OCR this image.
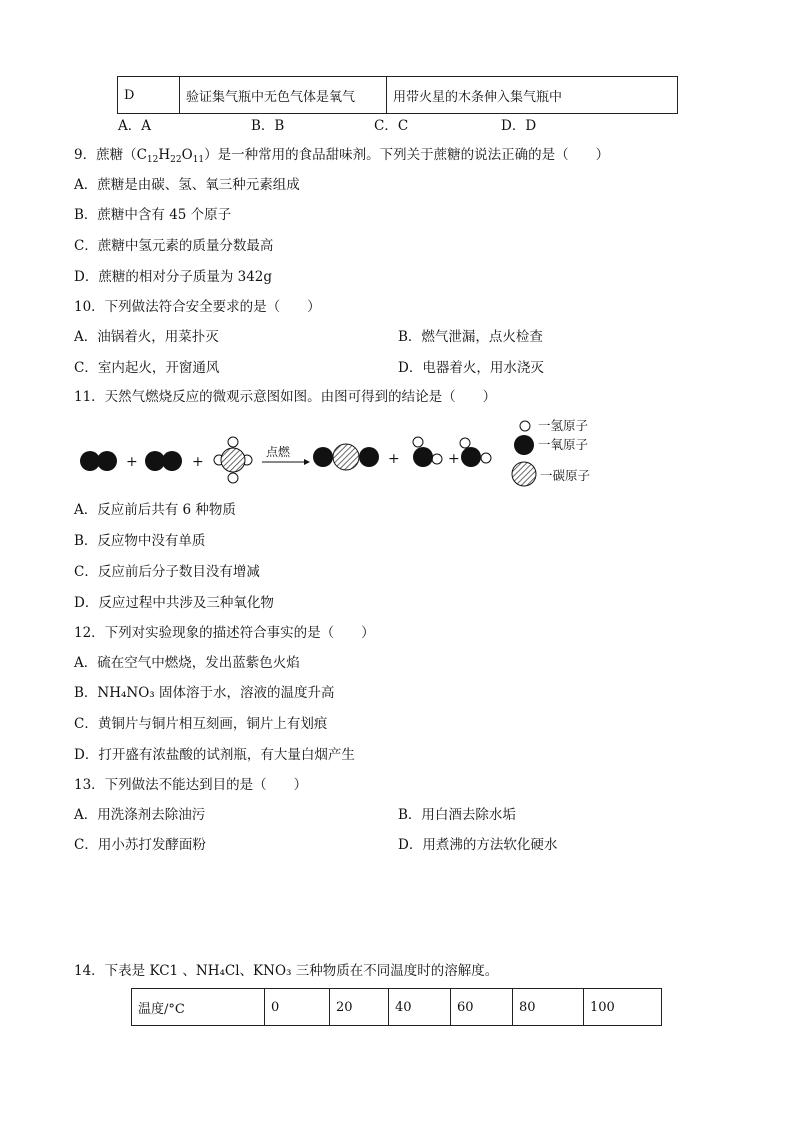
D	验证集气瓶中无色气体是氧气	用带火星的木条伸入集气瓶中
A．A	B．B	C．C	D．D
9．蔗糖$(C_{12}H_{22}O_{11})$是一种常用的食品甜味剂。下列关于蔗糖的说法正确的是（　　）
A．蔗糖是由碳、氢、氧三种元素组成
B．蔗糖中含有 45 个原子
C．蔗糖中氢元素的质量分数最高
D．蔗糖的相对分子质量为 342g
10．下列做法符合安全要求的是（　　）
A．油锅着火，用菜扑灭	B．燃气泄漏，点火检查
C．室内起火，开窗通风	D．电器着火，用水浇灭
11．天然气燃烧反应的微观示意图如图。由图可得到的结论是（　　）
+	+
点燃	+	+
一氢原子
一氧原子
一碳原子
A．反应前后共有 6 种物质
B．反应物中没有单质
C．反应前后分子数目没有增减
D．反应过程中共涉及三种氧化物
12．下列对实验现象的描述符合事实的是（　　）
A．硫在空气中燃烧，发出蓝紫色火焰
B．NH₄NO₃ 固体溶于水，溶液的温度升高
C．黄铜片与铜片相互刻画，铜片上有划痕
D．打开盛有浓盐酸的试剂瓶，有大量白烟产生
13．下列做法不能达到目的是（　　）
A．用洗涤剂去除油污	B．用白酒去除水垢
C．用小苏打发酵面粉	D．用煮沸的方法软化硬水
14．下表是 KC1 、NH₄Cl、KNO₃ 三种物质在不同温度时的溶解度。
温度/°C	0	20	40	60	80	100
